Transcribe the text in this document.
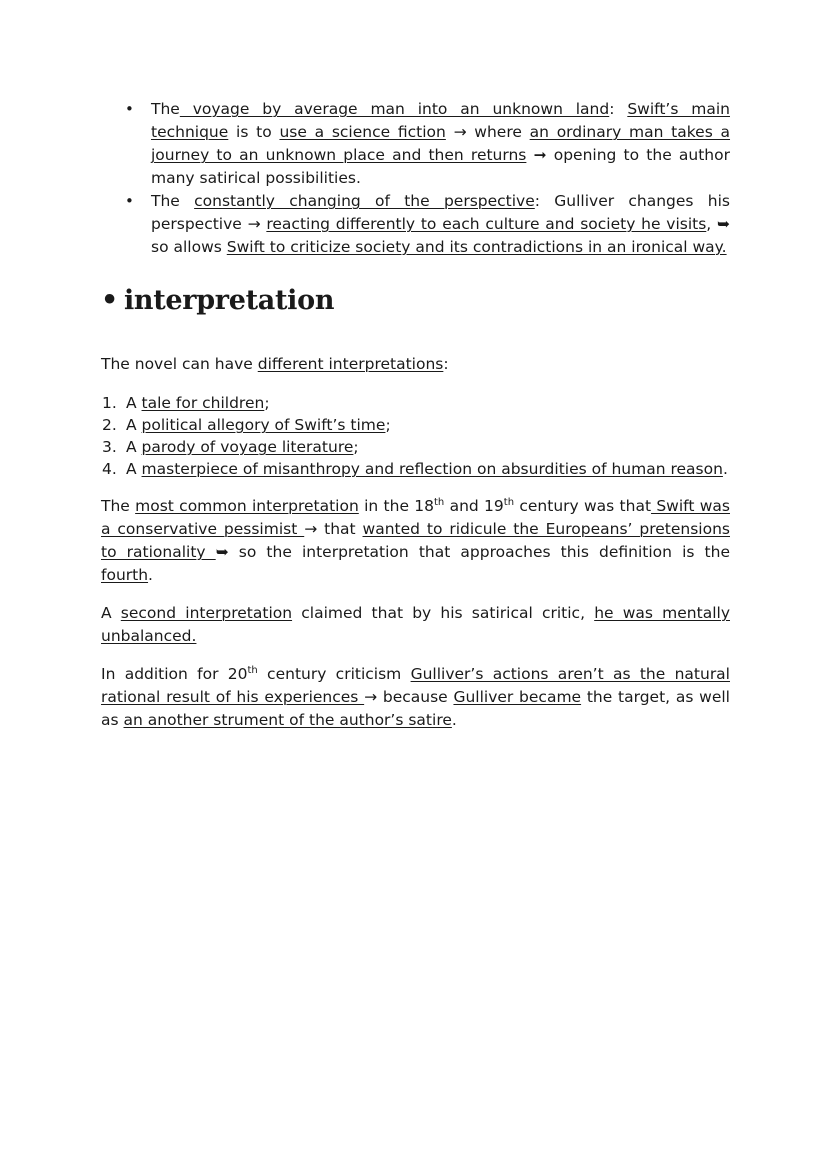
• The voyage by average man into an unknown land: Swift’s main technique is to use a science fiction → where an ordinary man takes a journey to an unknown place and then returns ➞ opening to the author many satirical possibilities.
• The constantly changing of the perspective: Gulliver changes his perspective → reacting differently to each culture and society he visits, ➥ so allows Swift to criticize society and its contradictions in an ironical way.
• interpretation

The novel can have different interpretations:

1. A tale for children;
2. A political allegory of Swift’s time;
3. A parody of voyage literature;
4. A masterpiece of misanthropy and reflection on absurdities of human reason.

The most common interpretation in the 18th and 19th century was that Swift was a conservative pessimist → that wanted to ridicule the Europeans’ pretensions to rationality ➥ so the interpretation that approaches this definition is the fourth.

A second interpretation claimed that by his satirical critic, he was mentally unbalanced.

In addition for 20th century criticism Gulliver’s actions aren’t as the natural rational result of his experiences → because Gulliver became the target, as well as an another strument of the author’s satire.
